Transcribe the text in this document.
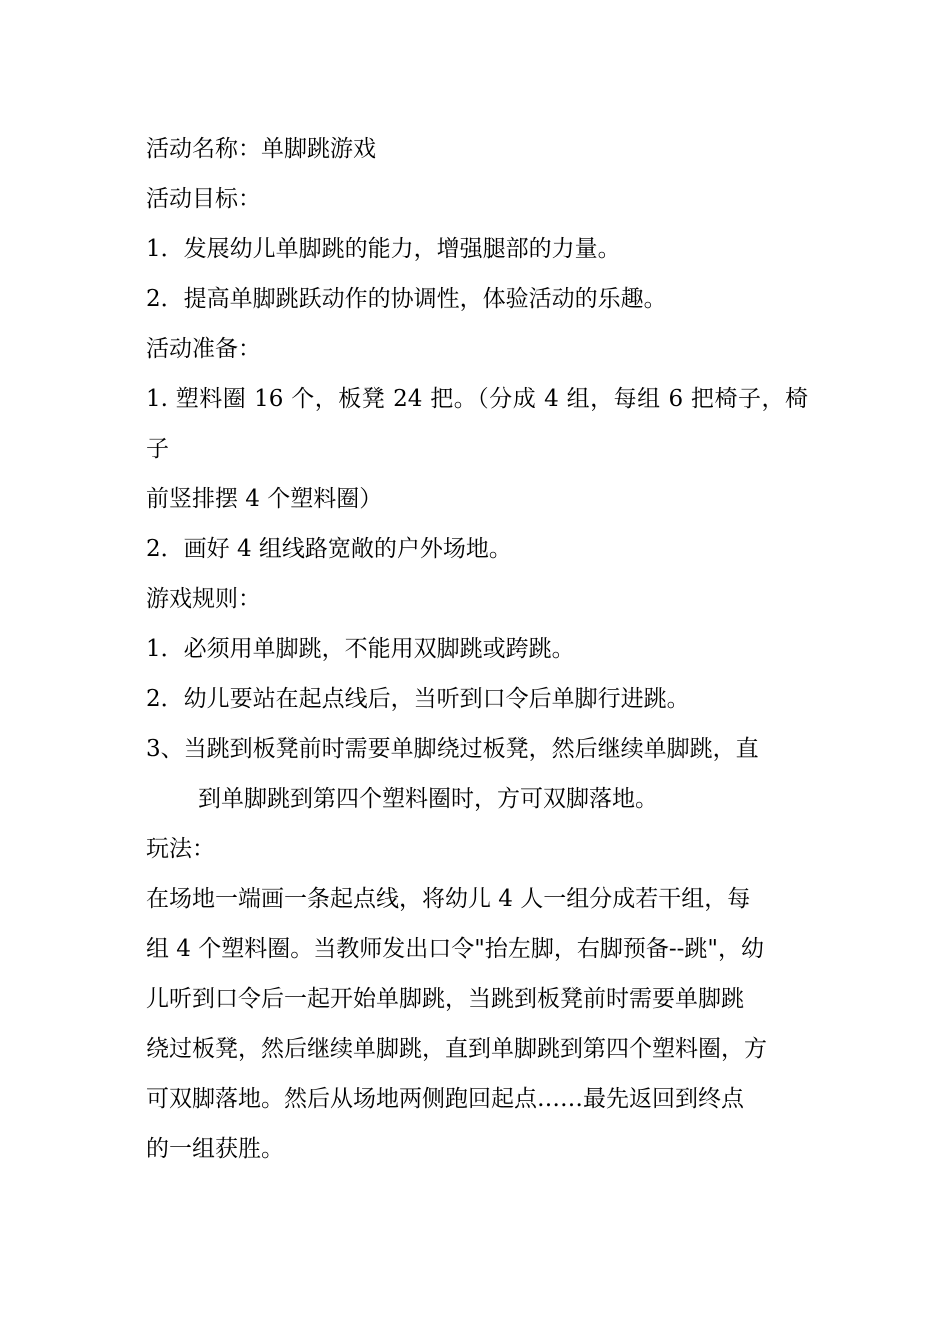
活动名称：单脚跳游戏

活动目标：

1．发展幼儿单脚跳的能力，增强腿部的力量。

2．提高单脚跳跃动作的协调性，体验活动的乐趣。

活动准备：

1. 塑料圈 16 个，板凳 24 把。（分成 4 组，每组 6 把椅子，椅子

前竖排摆 4 个塑料圈）

2．画好 4 组线路宽敞的户外场地。

游戏规则：

1．必须用单脚跳，不能用双脚跳或跨跳。

2．幼儿要站在起点线后，当听到口令后单脚行进跳。

3、当跳到板凳前时需要单脚绕过板凳，然后继续单脚跳，直

到单脚跳到第四个塑料圈时，方可双脚落地。

玩法：

在场地一端画一条起点线，将幼儿 4 人一组分成若干组，每

组 4 个塑料圈。当教师发出口令"抬左脚，右脚预备--跳"，幼

儿听到口令后一起开始单脚跳，当跳到板凳前时需要单脚跳

绕过板凳，然后继续单脚跳，直到单脚跳到第四个塑料圈，方

可双脚落地。然后从场地两侧跑回起点……最先返回到终点

的一组获胜。
